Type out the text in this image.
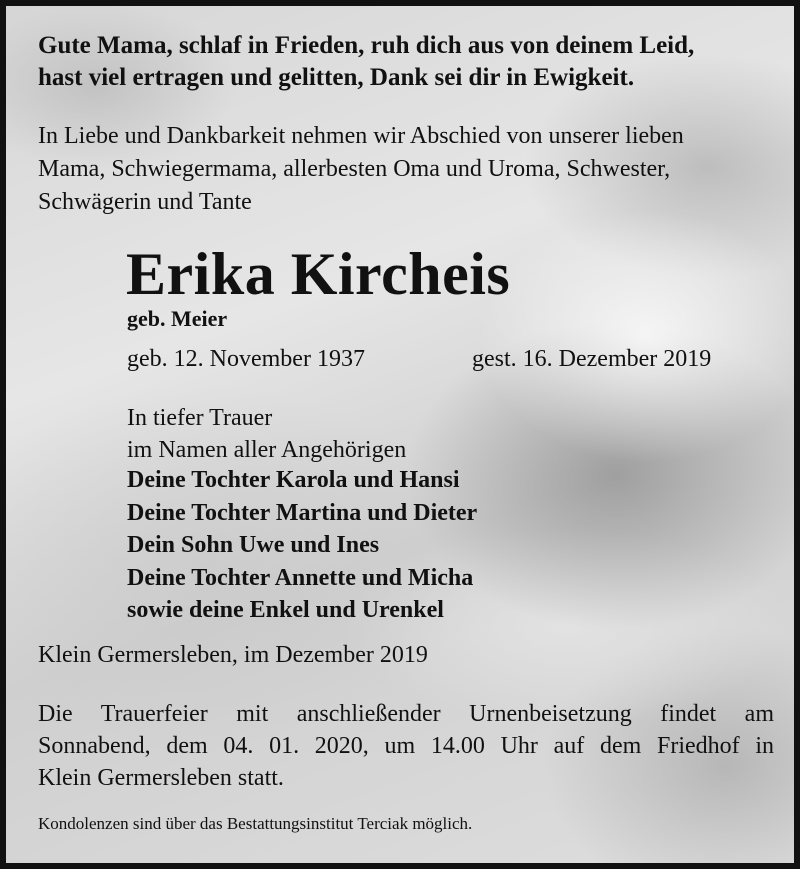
Gute Mama, schlaf in Frieden, ruh dich aus von deinem Leid,
hast viel ertragen und gelitten, Dank sei dir in Ewigkeit.
In Liebe und Dankbarkeit nehmen wir Abschied von unserer lieben
Mama, Schwiegermama, allerbesten Oma und Uroma, Schwester,
Schwägerin und Tante
Erika Kircheis
geb. Meier
geb. 12. November 1937	gest. 16. Dezember 2019
In tiefer Trauer
im Namen aller Angehörigen
Deine Tochter Karola und Hansi
Deine Tochter Martina und Dieter
Dein Sohn Uwe und Ines
Deine Tochter Annette und Micha
sowie deine Enkel und Urenkel
Klein Germersleben, im Dezember 2019
Die Trauerfeier mit anschließender Urnenbeisetzung findet am
Sonnabend, dem 04. 01. 2020, um 14.00 Uhr auf dem Friedhof in
Klein Germersleben statt.
Kondolenzen sind über das Bestattungsinstitut Terciak möglich.
